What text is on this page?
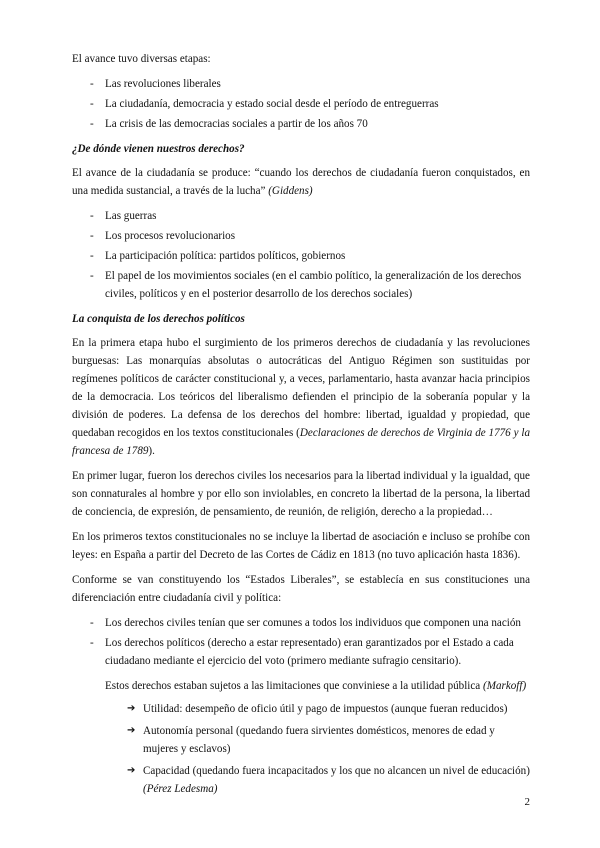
El avance tuvo diversas etapas:

- Las revoluciones liberales
- La ciudadanía, democracia y estado social desde el período de entreguerras
- La crisis de las democracias sociales a partir de los años 70

¿De dónde vienen nuestros derechos?

El avance de la ciudadanía se produce: “cuando los derechos de ciudadanía fueron conquistados, en una medida sustancial, a través de la lucha” (Giddens)

- Las guerras
- Los procesos revolucionarios
- La participación política: partidos políticos, gobiernos
- El papel de los movimientos sociales (en el cambio político, la generalización de los derechos civiles, políticos y en el posterior desarrollo de los derechos sociales)

La conquista de los derechos políticos

En la primera etapa hubo el surgimiento de los primeros derechos de ciudadanía y las revoluciones burguesas: Las monarquías absolutas o autocráticas del Antiguo Régimen son sustituidas por regímenes políticos de carácter constitucional y, a veces, parlamentario, hasta avanzar hacia principios de la democracia. Los teóricos del liberalismo defienden el principio de la soberanía popular y la división de poderes. La defensa de los derechos del hombre: libertad, igualdad y propiedad, que quedaban recogidos en los textos constitucionales (Declaraciones de derechos de Virginia de 1776 y la francesa de 1789).

En primer lugar, fueron los derechos civiles los necesarios para la libertad individual y la igualdad, que son connaturales al hombre y por ello son inviolables, en concreto la libertad de la persona, la libertad de conciencia, de expresión, de pensamiento, de reunión, de religión, derecho a la propiedad…

En los primeros textos constitucionales no se incluye la libertad de asociación e incluso se prohíbe con leyes: en España a partir del Decreto de las Cortes de Cádiz en 1813 (no tuvo aplicación hasta 1836).

Conforme se van constituyendo los “Estados Liberales”, se establecía en sus constituciones una diferenciación entre ciudadanía civil y política:

- Los derechos civiles tenían que ser comunes a todos los individuos que componen una nación
- Los derechos políticos (derecho a estar representado) eran garantizados por el Estado a cada ciudadano mediante el ejercicio del voto (primero mediante sufragio censitario).

Estos derechos estaban sujetos a las limitaciones que conviniese a la utilidad pública (Markoff)

➔ Utilidad: desempeño de oficio útil y pago de impuestos (aunque fueran reducidos)
➔ Autonomía personal (quedando fuera sirvientes domésticos, menores de edad y mujeres y esclavos)
➔ Capacidad (quedando fuera incapacitados y los que no alcancen un nivel de educación)
(Pérez Ledesma)
2
